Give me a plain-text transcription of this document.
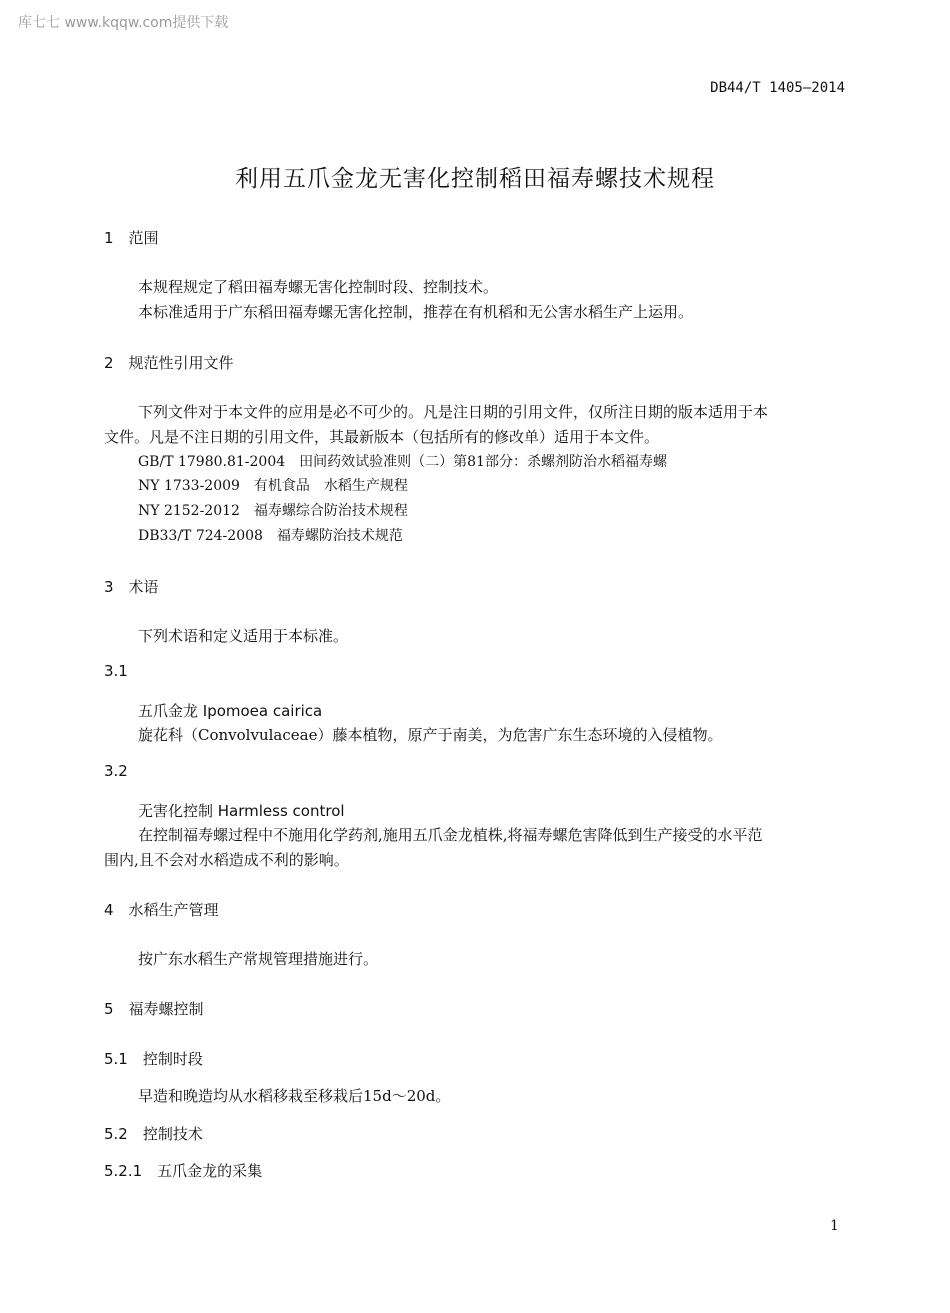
库七七 www.kqqw.com提供下载
DB44/T 1405—2014
利用五爪金龙无害化控制稻田福寿螺技术规程
1　范围
本规程规定了稻田福寿螺无害化控制时段、控制技术。
本标准适用于广东稻田福寿螺无害化控制，推荐在有机稻和无公害水稻生产上运用。
2　规范性引用文件
下列文件对于本文件的应用是必不可少的。凡是注日期的引用文件，仅所注日期的版本适用于本
文件。凡是不注日期的引用文件，其最新版本（包括所有的修改单）适用于本文件。
GB/T 17980.81-2004　田间药效试验准则（二）第81部分：杀螺剂防治水稻福寿螺
NY 1733-2009　有机食品　水稻生产规程
NY 2152-2012　福寿螺综合防治技术规程
DB33/T 724-2008　福寿螺防治技术规范
3　术语
下列术语和定义适用于本标准。
3.1
五爪金龙 Ipomoea cairica
旋花科（Convolvulaceae）藤本植物，原产于南美，为危害广东生态环境的入侵植物。
3.2
无害化控制 Harmless control
在控制福寿螺过程中不施用化学药剂,施用五爪金龙植株,将福寿螺危害降低到生产接受的水平范
围内,且不会对水稻造成不利的影响。
4　水稻生产管理
按广东水稻生产常规管理措施进行。
5　福寿螺控制
5.1　控制时段
早造和晚造均从水稻移栽至移栽后15d～20d。
5.2　控制技术
5.2.1　五爪金龙的采集
1
